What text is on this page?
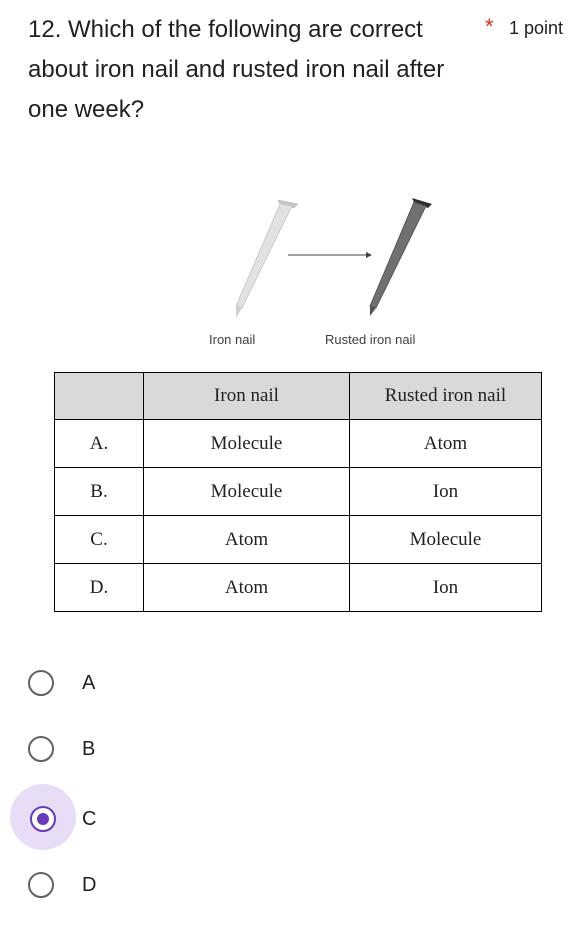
12. Which of the following are correct about iron nail and rusted iron nail after one week?
* 1 point
Iron nail	Rusted iron nail
	Iron nail	Rusted iron nail
A.	Molecule	Atom
B.	Molecule	Ion
C.	Atom	Molecule
D.	Atom	Ion
A
B
C
D
